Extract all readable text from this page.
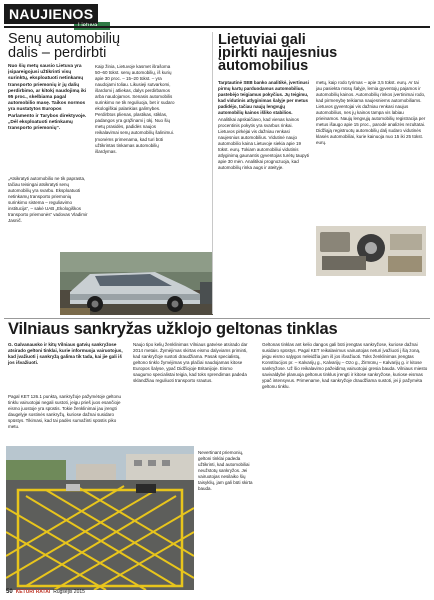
NAUJIENOS
Senų automobilių
dalis – perdirbti
Nuo šių metų sausio Lietuva yra įsipareigojusi užtikrinti visų surinktų, eksploatuoti netinkamų transporto priemonių ir jų dalių perdirbimo, ar kitokį naudojimą iki 95 proc., skelbiama pagal automobilio masę. Taikos normos yra nustatytos Europos Parlamento ir Tarybos direktyvoje. „Dėl eksploatuoti netinkamų transporto priemonių“.
„Atsikratyti automobilio ne tik paprasta, tačiau teisingai atsikratyti senų automobilių yra svarbu. Eksploatuoti netinkamų transporto priemonių surinkimo sistema – reguliavimo institucija“, – sakė UAB „Ekologiškos transporto priemonės“ vadovas Vladimir Jasnič.

Kaip žinia, Lietuvoje kasmet išrašoma 50–60 tūkst. senų automobilių, iš kurių apie 30 proc. – 15–20 tūkst. – yra naudojami toliau. Likusieji sutvarkomi, išardomi į atliekas, dalys perdirbamos arba naudojamos. Senasis automobilis surinkimo ne tik reguliuoja, bet ir sudaro ekologiškai palankias galimybes. Perdirbtos plienas, plastikas, stiklas, padangos yra grąžinami į ūkį. Nuo šių metų prasidės, padidės naujos reikalavimai senų automobilių šalinimui.

Įmonėms primenama, kad turi būti užtikrintas tinkamas automobilių išardymas.

Lietuviai gali
įpirkti naujesnius
automobilius

Tarptautinė SEB banko analitikė, įvertinusi pirmų kartų parduodamus automobilius, pastebėjo teigiamus pokyčius. Jų teigimu, kad vidutinis atlyginimas šalyje per metus padidėjo, tačiau naujų lengvųjų automobilių kainos išliko stabilios.

Analitikai apskaičiavo, kad vienas kainos procentinis pokytis yra svarbus rinkai. Lietuvos pirkėjai vis dažniau renkasi naujesnius automobilius. Vidutinė naujo automobilio kaina Lietuvoje siekia apie 19 tūkst. eurų. Tokiam automobiliui vidutinis atlyginimą gaunantis gyventojas turėtų taupyti apie 30 mėn. Analitikai prognozuoja, kad automobilių rinka augs ir ateityje.

metų, kaip rodo tyrimas – apie 3,5 tūkst. eurų. Ar tai jau pasiekta mūsų šalyje, lemia gyventojų pajamos ir automobilių kainos. Automobilių rinkos įvertinimai rodo, kad pirmenybę teikiama naujesniems automobiliams. Lietuvos gyventojai vis dažniau renkasi naujus automobilius, nes jų kainos tampa vis labiau prieinamos. Naujų lengvųjų automobilių registracija per metus išaugo apie 15 proc., parodė analizės rezultatai. Didžiąją registruotų automobilių dalį sudaro vidutinės klasės automobiliai, kurie kainuoja nuo 15 iki 25 tūkst. eurų.
Vilniaus sankryžas užklojo geltonas tinklas
G. Galvanausko ir kitų Vilniaus gatvių sankryžose atsirado geltoni tinklai, kurie informuoja vairuotojus, kad įvažiuoti į sankryžą galima tik tada, kai jie gali iš jos išvažiuoti.
Pagal KET 126.1 punktą, sankryžoje pažymėtoje geltonu tinklu vairuotojai negali sustoti, jeigu prieš juos esančioje eismo juostoje yra spūstis. Tokie ženklinimai jau įrengti daugelyje sostinės sankryžų, kuriose dažnai susidaro spūstys. Tikimasi, kad tai padės sumažinti spūstis piko metu.
Naujo tipo kelių ženklinimas Vilniaus gatvėse atsirado dar 2014 metais. Žymėjimas skirtas eismo dalyviams priminti, kad sankryžoje sustoti draudžiama. Pasak specialistų, geltono tinklo žymėjimas yra plačiai naudojamas kitose Europos šalyse, ypač Didžiojoje Britanijoje. Eismo saugumo specialistai teigia, kad toks sprendimas padeda sklandžiau reguliuoti transporto srautus.
Nevertinant priemonių, geltoni tinklai padeda užtikrinti, kad automobiliai neužstotų sankryžos. Jei vairuotojas nesilaiko šių taisyklių, jam gali būti skirta bauda.
Geltonas tinklas ant kelio dangos gali būti įrengtas sankryžose, kuriose dažnai susidaro spūstys. Pagal KET reikalavimus vairuotojas neturi įvažiuoti į šią zoną, jeigu eismo sąlygos neleidžia jam iš jos išvažiuoti. Toks ženklinimas įrengtas Konstitucijos pr. – Kalvarijų g., Kalvarijų – Ozo g., Žirmūnų – Kalvarijų g. ir kitose sankryžose. Už šio reikalavimo pažeidimą vairuotojui gresia bauda. Vilniaus miesto savivaldybė planuoja geltonus tinklus įrengti ir kitose sankryžose, kuriose eismas ypač intensyvus. Primename, kad sankryžoje draudžiama sustoti, jei ji pažymėta geltonu tinklu.
50 KETURI RATAI Rugsėjis 2015
